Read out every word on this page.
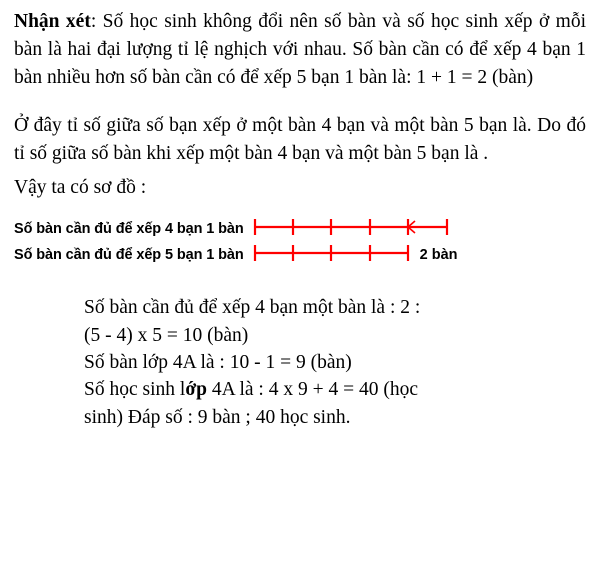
Nhận xét: Số học sinh không đổi nên số bàn và số học sinh xếp ở mỗi bàn là hai đại lượng tỉ lệ nghịch với nhau. Số bàn cần có để xếp 4 bạn 1 bàn nhiều hơn số bàn cần có để xếp 5 bạn 1 bàn là: 1 + 1 = 2 (bàn)

Ở đây tỉ số giữa số bạn xếp ở một bàn 4 bạn và một bàn 5 bạn là. Do đó tỉ số giữa số bàn khi xếp một bàn 4 bạn và một bàn 5 bạn là .

Vậy ta có sơ đồ :

Số bàn cần đủ để xếp 4 bạn 1 bàn
Số bàn cần đủ để xếp 5 bạn 1 bàn	2 bàn

Số bàn cần đủ để xếp 4 bạn một bàn là : 2 :

(5 - 4) x 5 = 10 (bàn)

Số bàn lớp 4A là : 10 - 1 = 9 (bàn)

Số học sinh lớp 4A là : 4 x 9 + 4 = 40 (học

sinh) Đáp số : 9 bàn ; 40 học sinh.
